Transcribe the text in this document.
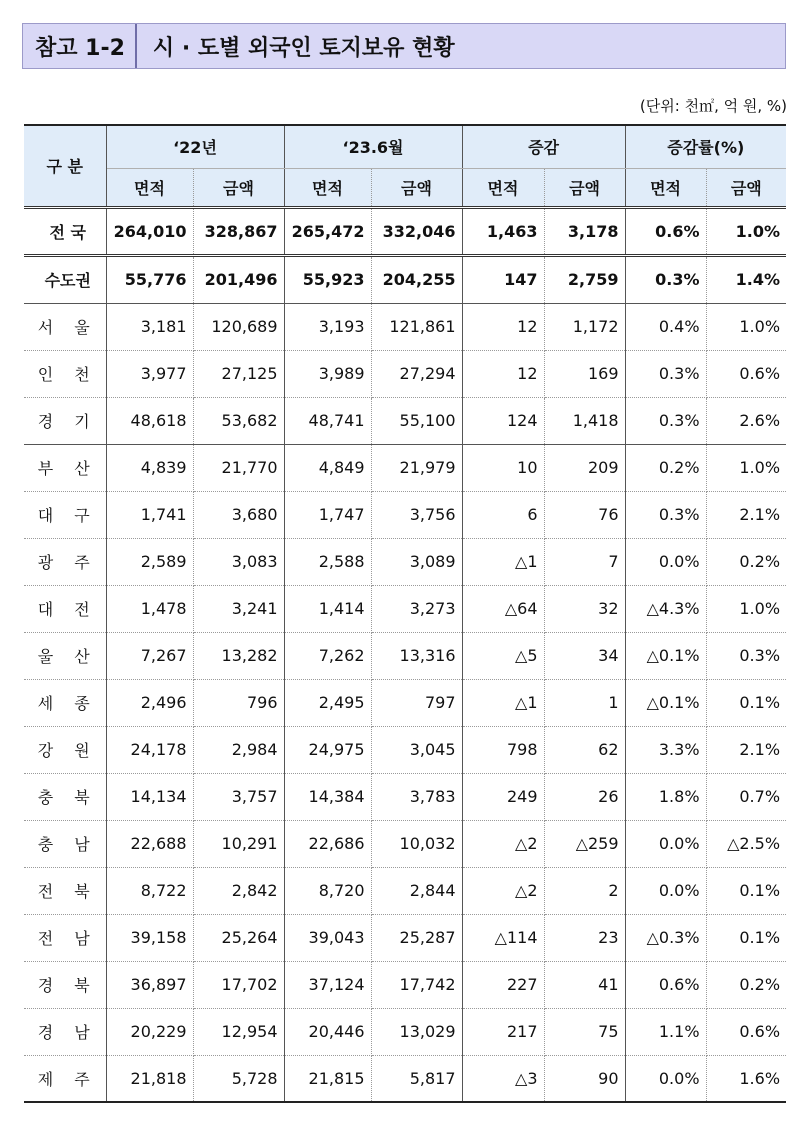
참고 1-2	시 · 도별 외국인 토지보유 현황
(단위: 천㎡, 억 원, %)
구 분	‘22년		‘23.6월		증감		증감률(%)	
	면적	금액	면적	금액	면적	금액	면적	금액
전 국	264,010	328,867	265,472	332,046	1,463	3,178	0.6%	1.0%
수도권	55,776	201,496	55,923	204,255	147	2,759	0.3%	1.4%
서 울	3,181	120,689	3,193	121,861	12	1,172	0.4%	1.0%
인 천	3,977	27,125	3,989	27,294	12	169	0.3%	0.6%
경 기	48,618	53,682	48,741	55,100	124	1,418	0.3%	2.6%
부 산	4,839	21,770	4,849	21,979	10	209	0.2%	1.0%
대 구	1,741	3,680	1,747	3,756	6	76	0.3%	2.1%
광 주	2,589	3,083	2,588	3,089	△1	7	0.0%	0.2%
대 전	1,478	3,241	1,414	3,273	△64	32	△4.3%	1.0%
울 산	7,267	13,282	7,262	13,316	△5	34	△0.1%	0.3%
세 종	2,496	796	2,495	797	△1	1	△0.1%	0.1%
강 원	24,178	2,984	24,975	3,045	798	62	3.3%	2.1%
충 북	14,134	3,757	14,384	3,783	249	26	1.8%	0.7%
충 남	22,688	10,291	22,686	10,032	△2	△259	0.0%	△2.5%
전 북	8,722	2,842	8,720	2,844	△2	2	0.0%	0.1%
전 남	39,158	25,264	39,043	25,287	△114	23	△0.3%	0.1%
경 북	36,897	17,702	37,124	17,742	227	41	0.6%	0.2%
경 남	20,229	12,954	20,446	13,029	217	75	1.1%	0.6%
제 주	21,818	5,728	21,815	5,817	△3	90	0.0%	1.6%
